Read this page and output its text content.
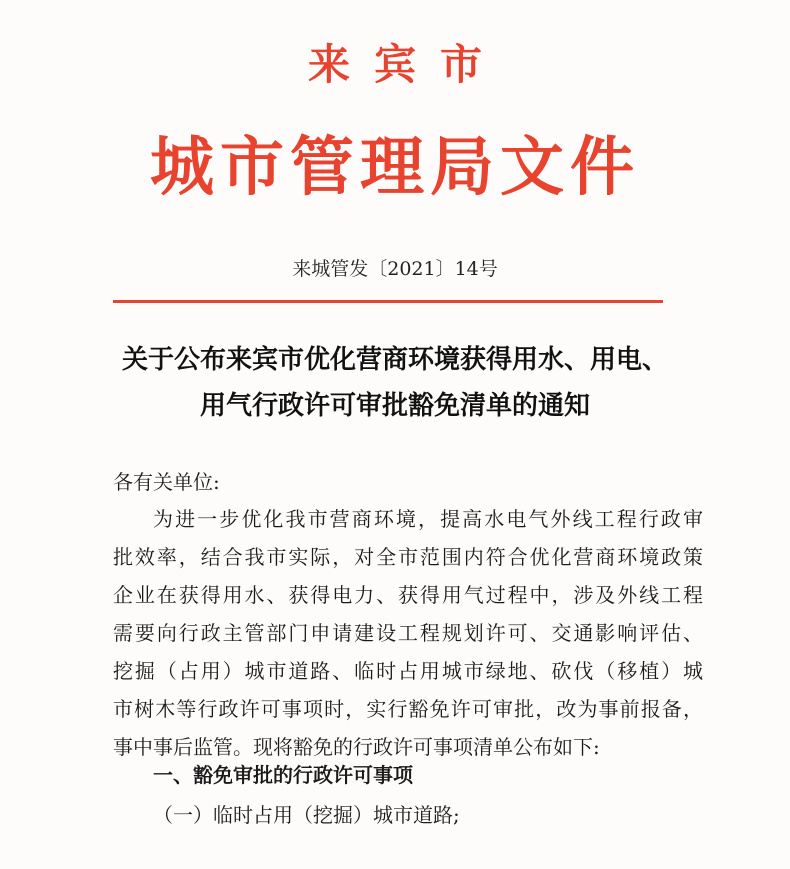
来宾市
城市管理局文件
来城管发〔2021〕14号
关于公布来宾市优化营商环境获得用水、用电、
用气行政许可审批豁免清单的通知
各有关单位:
为进一步优化我市营商环境，提高水电气外线工程行政审
批效率，结合我市实际，对全市范围内符合优化营商环境政策
企业在获得用水、获得电力、获得用气过程中，涉及外线工程
需要向行政主管部门申请建设工程规划许可、交通影响评估、
挖掘（占用）城市道路、临时占用城市绿地、砍伐（移植）城
市树木等行政许可事项时，实行豁免许可审批，改为事前报备，
事中事后监管。现将豁免的行政许可事项清单公布如下:
一、豁免审批的行政许可事项
（一）临时占用（挖掘）城市道路;
